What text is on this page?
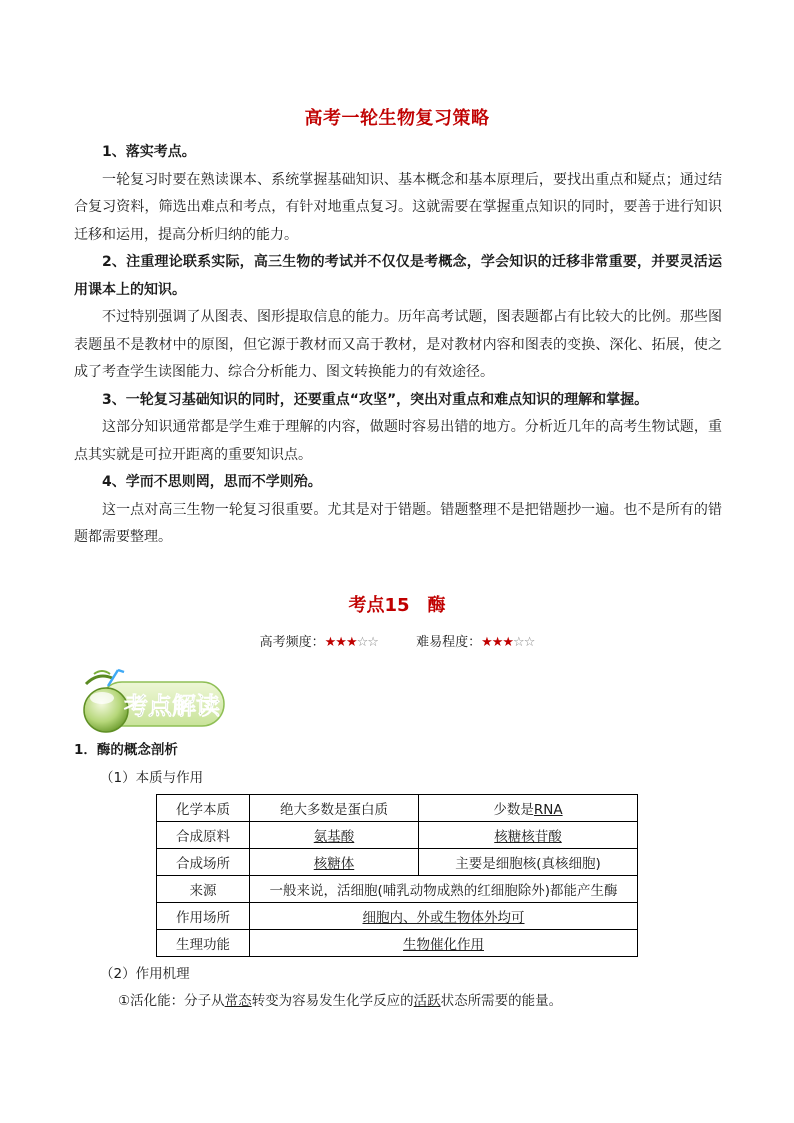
高考一轮生物复习策略

1、落实考点。

一轮复习时要在熟读课本、系统掌握基础知识、基本概念和基本原理后，要找出重点和疑点；通过结合复习资料，筛选出难点和考点，有针对地重点复习。这就需要在掌握重点知识的同时，要善于进行知识迁移和运用，提高分析归纳的能力。

2、注重理论联系实际，高三生物的考试并不仅仅是考概念，学会知识的迁移非常重要，并要灵活运用课本上的知识。

不过特别强调了从图表、图形提取信息的能力。历年高考试题，图表题都占有比较大的比例。那些图表题虽不是教材中的原图，但它源于教材而又高于教材，是对教材内容和图表的变换、深化、拓展，使之成了考查学生读图能力、综合分析能力、图文转换能力的有效途径。

3、一轮复习基础知识的同时，还要重点“攻坚”，突出对重点和难点知识的理解和掌握。

这部分知识通常都是学生难于理解的内容，做题时容易出错的地方。分析近几年的高考生物试题，重点其实就是可拉开距离的重要知识点。

4、学而不思则罔，思而不学则殆。

这一点对高三生物一轮复习很重要。尤其是对于错题。错题整理不是把错题抄一遍。也不是所有的错题都需要整理。

考点15 酶
高考频度：★★★☆☆	难易程度：★★★☆☆
考点解读
1．酶的概念剖析
（1）本质与作用
化学本质	绝大多数是蛋白质	少数是RNA
合成原料	氨基酸	核糖核苷酸
合成场所	核糖体	主要是细胞核(真核细胞)
来源	一般来说，活细胞(哺乳动物成熟的红细胞除外)都能产生酶	
作用场所	细胞内、外或生物体外均可	
生理功能	生物催化作用	
（2）作用机理
①活化能：分子从常态转变为容易发生化学反应的活跃状态所需要的能量。
